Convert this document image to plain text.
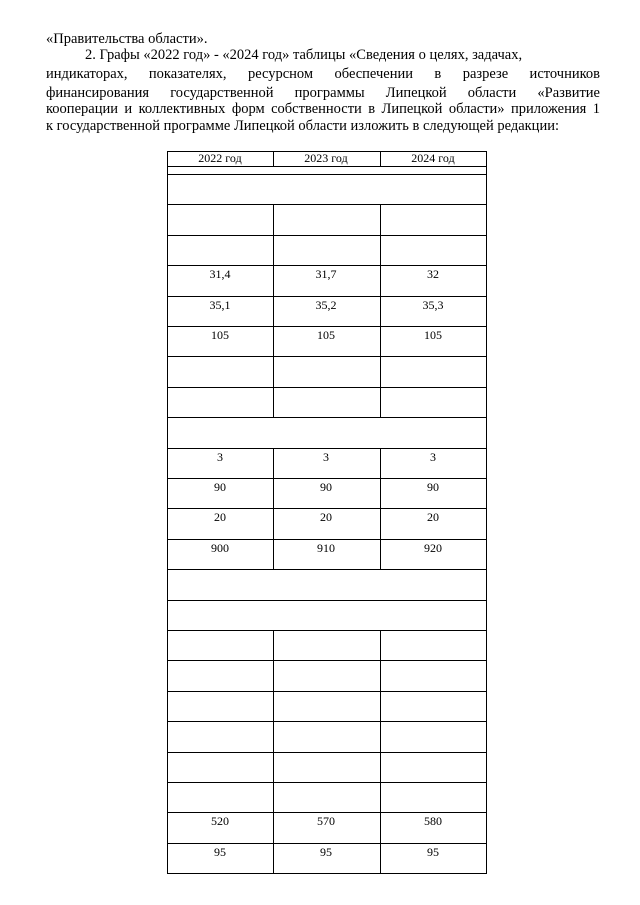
«Правительства области».
2. Графы «2022 год» - «2024 год» таблицы «Сведения о целях, задачах,
индикаторах, показателях, ресурсном обеспечении в разрезе источников
финансирования государственной программы Липецкой области «Развитие
кооперации и коллективных форм собственности в Липецкой области» приложения 1
к государственной программе Липецкой области изложить в следующей редакции:
2022 год	2023 год	2024 год
31,4	31,7	32
35,1	35,2	35,3
105	105	105
3	3	3
90	90	90
20	20	20
900	910	920
520	570	580
95	95	95
